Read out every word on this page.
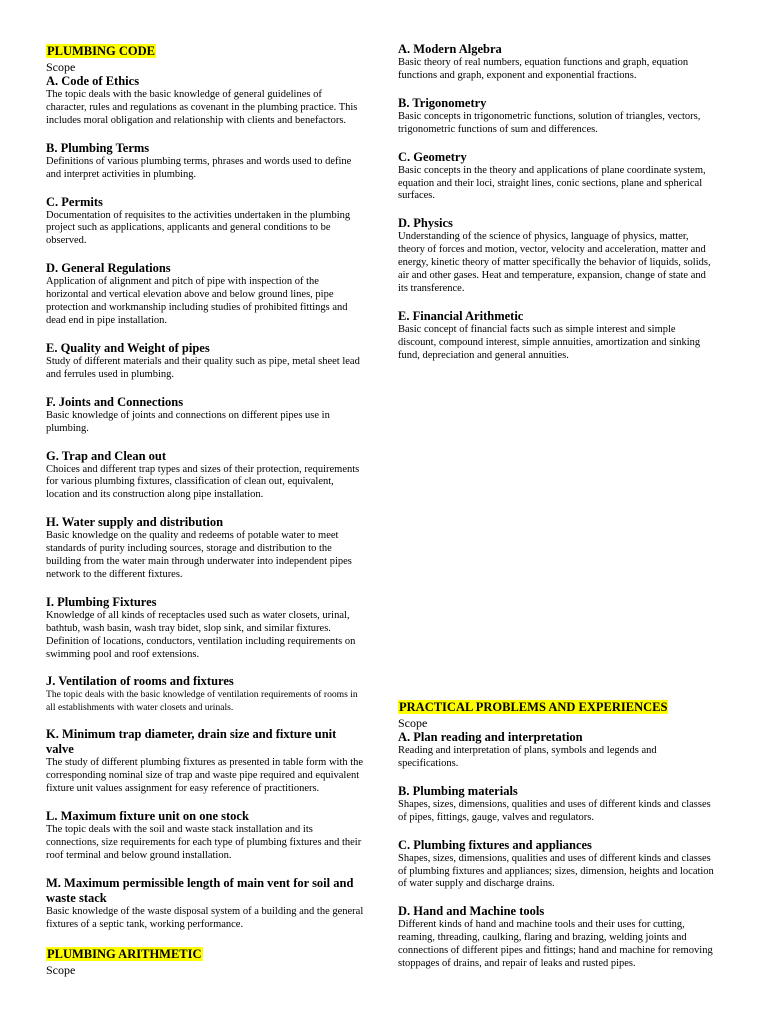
PLUMBING CODE

Scope

A. Code of Ethics

The topic deals with the basic knowledge of general guidelines of character, rules and regulations as covenant in the plumbing practice. This includes moral obligation and relationship with clients and benefactors.

B. Plumbing Terms

Definitions of various plumbing terms, phrases and words used to define and interpret activities in plumbing.

C. Permits

Documentation of requisites to the activities undertaken in the plumbing project such as applications, applicants and general conditions to be observed.

D. General Regulations

Application of alignment and pitch of pipe with inspection of the horizontal and vertical elevation above and below ground lines, pipe protection and workmanship including studies of prohibited fittings and dead end in pipe installation.

E. Quality and Weight of pipes

Study of different materials and their quality such as pipe, metal sheet lead and ferrules used in plumbing.

F. Joints and Connections

Basic knowledge of joints and connections on different pipes use in plumbing.

G. Trap and Clean out

Choices and different trap types and sizes of their protection, requirements for various plumbing fixtures, classification of clean out, equivalent, location and its construction along pipe installation.

H. Water supply and distribution

Basic knowledge on the quality and redeems of potable water to meet standards of purity including sources, storage and distribution to the building from the water main through underwater into independent pipes network to the different fixtures.

I. Plumbing Fixtures

Knowledge of all kinds of receptacles used such as water closets, urinal, bathtub, wash basin, wash tray bidet, slop sink, and similar fixtures. Definition of locations, conductors, ventilation including requirements on swimming pool and roof extensions.

J. Ventilation of rooms and fixtures

The topic deals with the basic knowledge of ventilation requirements of rooms in all establishments with water closets and urinals.

K. Minimum trap diameter, drain size and fixture unit valve

The study of different plumbing fixtures as presented in table form with the corresponding nominal size of trap and waste pipe required and equivalent fixture unit values assignment for easy reference of practitioners.

L. Maximum fixture unit on one stock

The topic deals with the soil and waste stack installation and its connections, size requirements for each type of plumbing fixtures and their roof terminal and below ground installation.

M. Maximum permissible length of main vent for soil and waste stack

Basic knowledge of the waste disposal system of a building and the general fixtures of a septic tank, working performance.

PLUMBING ARITHMETIC

Scope

A. Modern Algebra

Basic theory of real numbers, equation functions and graph, equation functions and graph, exponent and exponential fractions.

B. Trigonometry

Basic concepts in trigonometric functions, solution of triangles, vectors, trigonometric functions of sum and differences.

C. Geometry

Basic concepts in the theory and applications of plane coordinate system, equation and their loci, straight lines, conic sections, plane and spherical surfaces.

D. Physics

Understanding of the science of physics, language of physics, matter, theory of forces and motion, vector, velocity and acceleration, matter and energy, kinetic theory of matter specifically the behavior of liquids, solids, air and other gases. Heat and temperature, expansion, change of state and its transference.

E. Financial Arithmetic

Basic concept of financial facts such as simple interest and simple discount, compound interest, simple annuities, amortization and sinking fund, depreciation and general annuities.

PRACTICAL PROBLEMS AND EXPERIENCES

Scope

A. Plan reading and interpretation

Reading and interpretation of plans, symbols and legends and specifications.

B. Plumbing materials

Shapes, sizes, dimensions, qualities and uses of different kinds and classes of pipes, fittings, gauge, valves and regulators.

C. Plumbing fixtures and appliances

Shapes, sizes, dimensions, qualities and uses of different kinds and classes of plumbing fixtures and appliances; sizes, dimension, heights and location of water supply and discharge drains.

D. Hand and Machine tools

Different kinds of hand and machine tools and their uses for cutting, reaming, threading, caulking, flaring and brazing, welding joints and connections of different pipes and fittings; hand and machine for removing stoppages of drains, and repair of leaks and rusted pipes.
